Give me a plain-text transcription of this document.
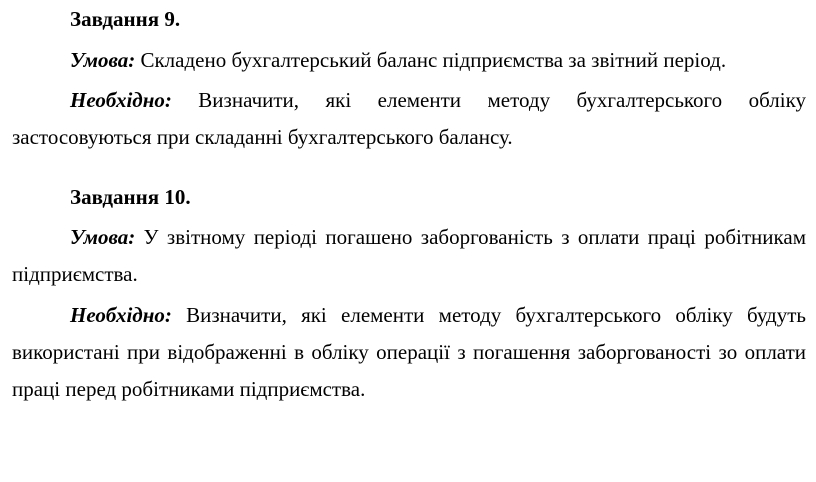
Завдання 9.

Умова: Складено бухгалтерський баланс підприємства за звітний період.

Необхідно: Визначити, які елементи методу бухгалтерського обліку застосовуються при складанні бухгалтерського балансу.

Завдання 10.

Умова: У звітному періоді погашено заборгованість з оплати праці робітникам підприємства.

Необхідно: Визначити, які елементи методу бухгалтерського обліку будуть використані при відображенні в обліку операції з погашення заборгованості зо оплати праці перед робітниками підприємства.
